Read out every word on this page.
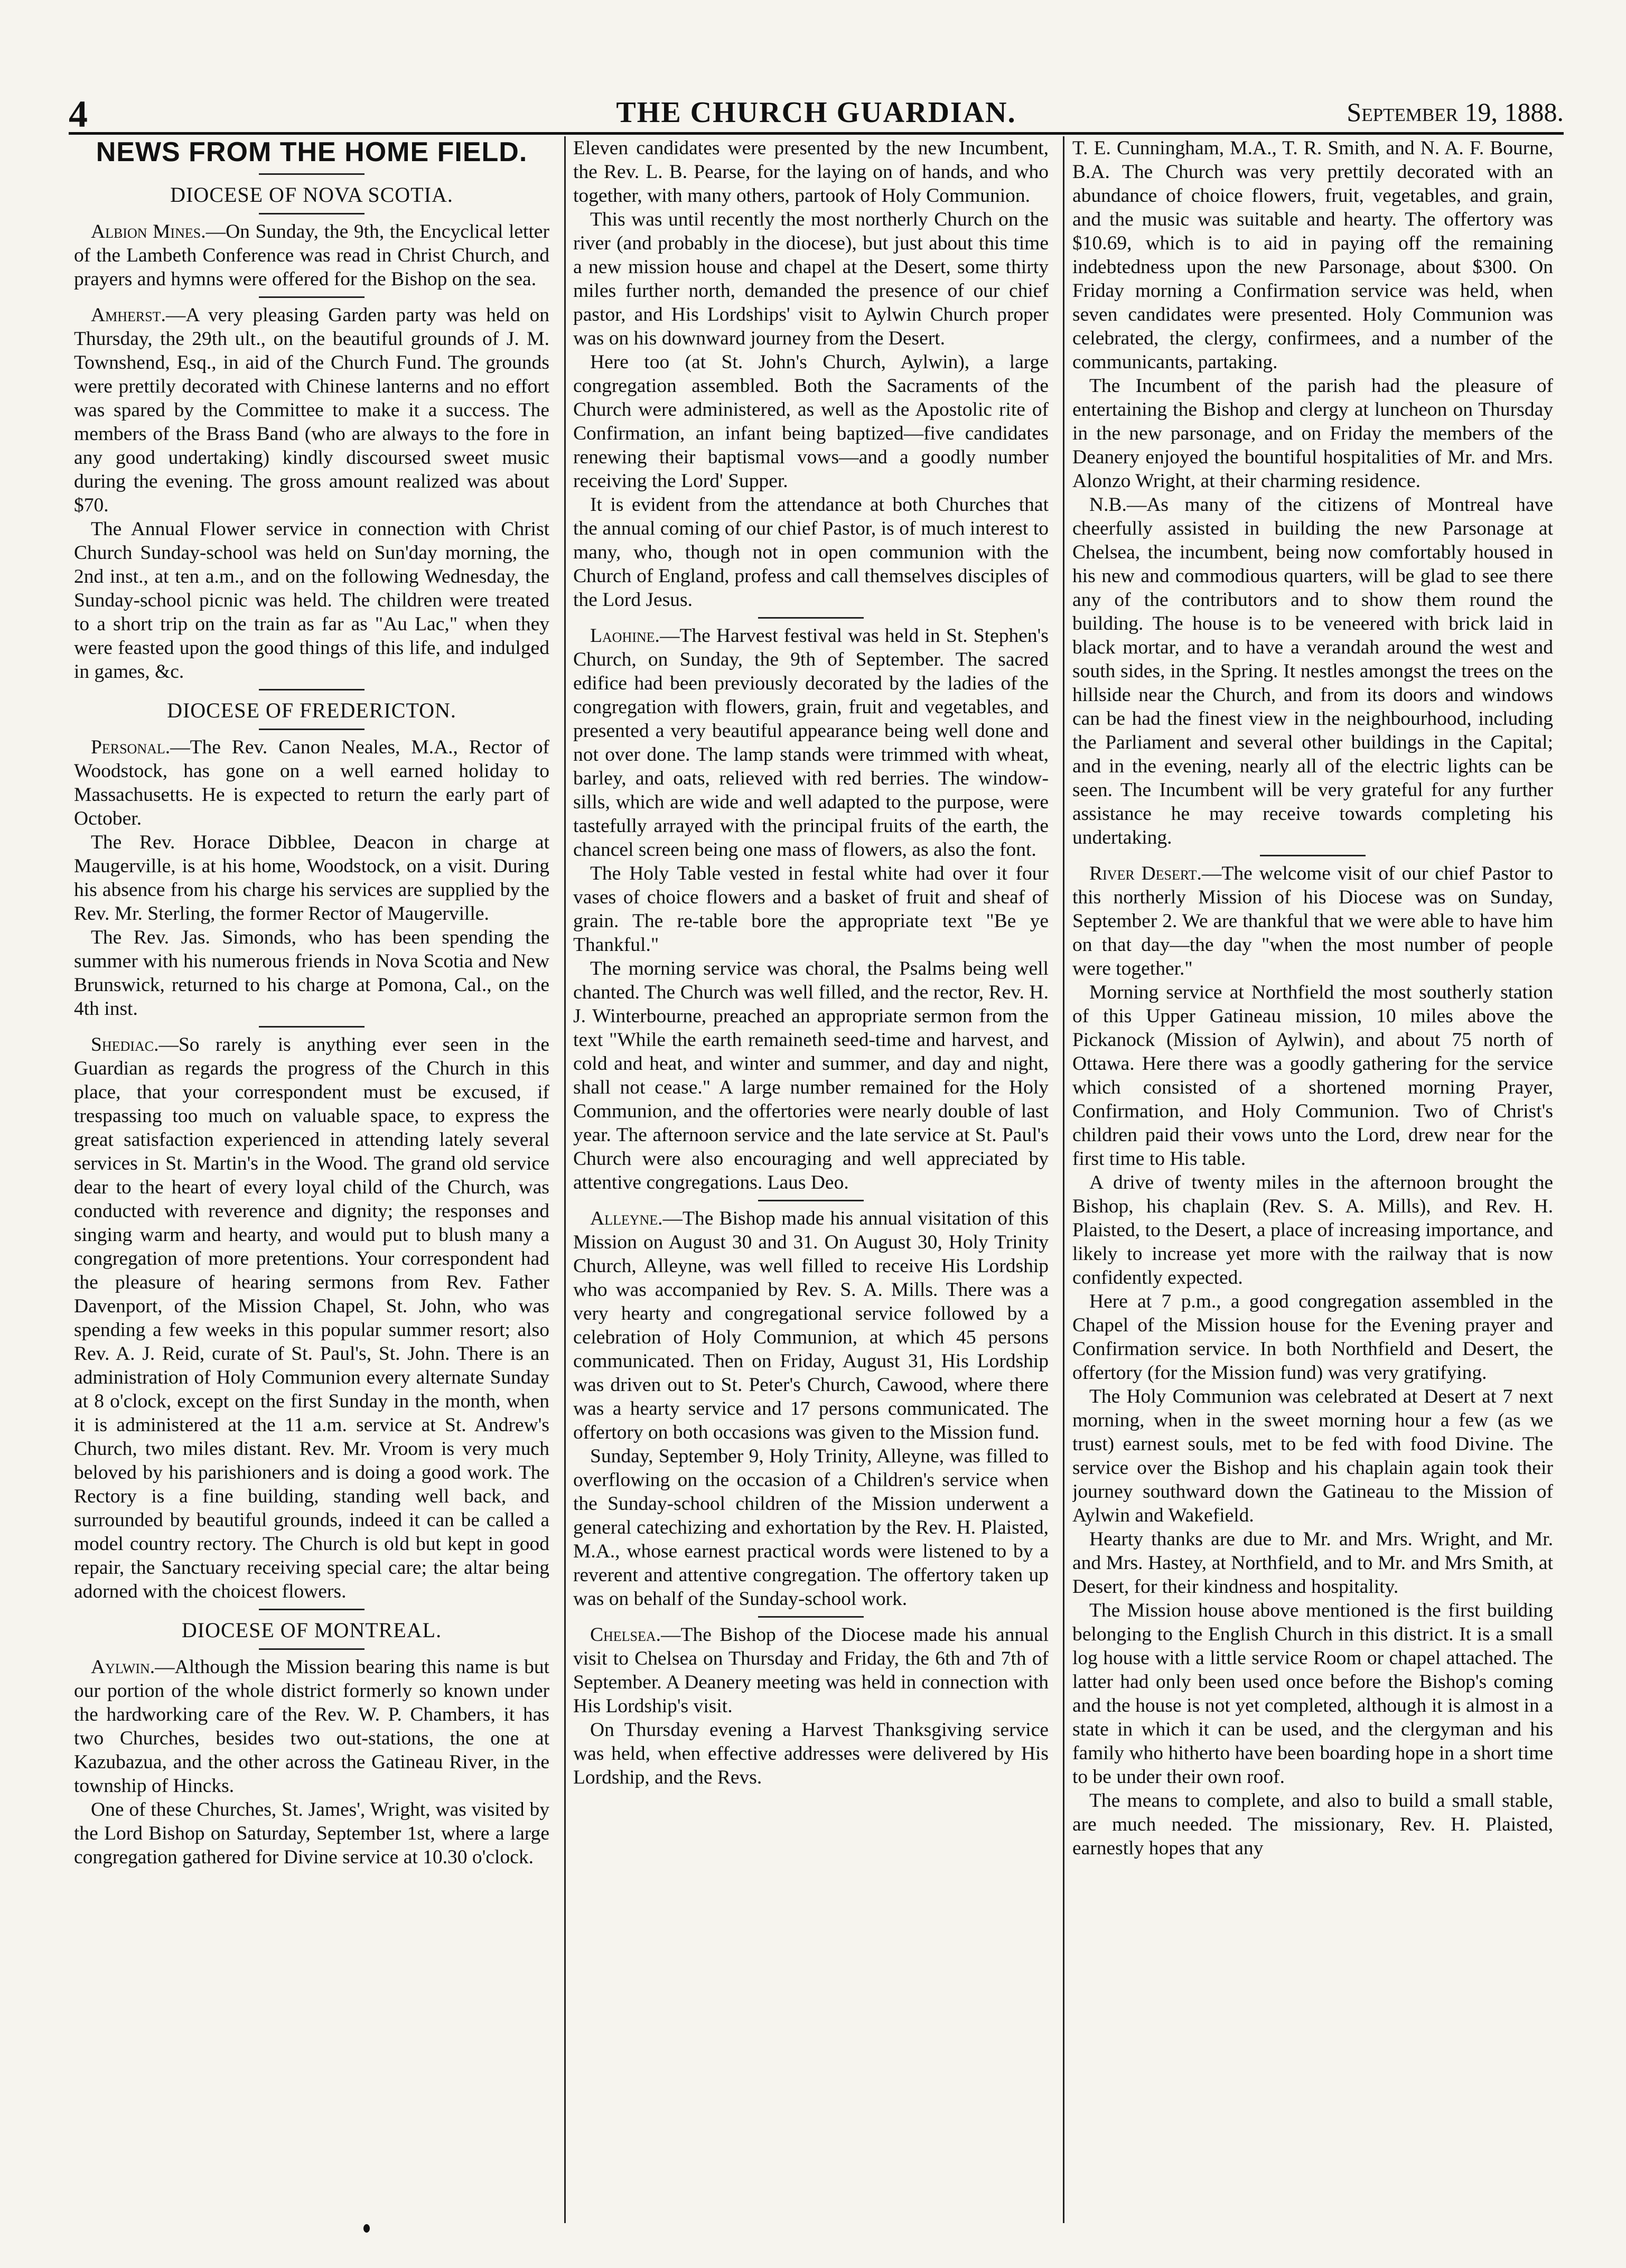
4	THE CHURCH GUARDIAN.	September 19, 1888.
NEWS FROM THE HOME FIELD.
DIOCESE OF NOVA SCOTIA.

Albion Mines.—On Sunday, the 9th, the Encyclical letter of the Lambeth Conference was read in Christ Church, and prayers and hymns were offered for the Bishop on the sea.

Amherst.—A very pleasing Garden party was held on Thursday, the 29th ult., on the beautiful grounds of J. M. Townshend, Esq., in aid of the Church Fund. The grounds were prettily decorated with Chinese lanterns and no effort was spared by the Committee to make it a success. The members of the Brass Band (who are always to the fore in any good undertaking) kindly discoursed sweet music during the evening. The gross amount realized was about $70.

The Annual Flower service in connection with Christ Church Sunday-school was held on Sun'day morning, the 2nd inst., at ten a.m., and on the following Wednesday, the Sunday-school picnic was held. The children were treated to a short trip on the train as far as "Au Lac," when they were feasted upon the good things of this life, and indulged in games, &c.

DIOCESE OF FREDERICTON.

Personal.—The Rev. Canon Neales, M.A., Rector of Woodstock, has gone on a well earned holiday to Massachusetts. He is expected to return the early part of October.

The Rev. Horace Dibblee, Deacon in charge at Maugerville, is at his home, Woodstock, on a visit. During his absence from his charge his services are supplied by the Rev. Mr. Sterling, the former Rector of Maugerville.

The Rev. Jas. Simonds, who has been spending the summer with his numerous friends in Nova Scotia and New Brunswick, returned to his charge at Pomona, Cal., on the 4th inst.

Shediac.—So rarely is anything ever seen in the Guardian as regards the progress of the Church in this place, that your correspondent must be excused, if trespassing too much on valuable space, to express the great satisfaction experienced in attending lately several services in St. Martin's in the Wood. The grand old service dear to the heart of every loyal child of the Church, was conducted with reverence and dignity; the responses and singing warm and hearty, and would put to blush many a congregation of more pretentions. Your correspondent had the pleasure of hearing sermons from Rev. Father Davenport, of the Mission Chapel, St. John, who was spending a few weeks in this popular summer resort; also Rev. A. J. Reid, curate of St. Paul's, St. John. There is an administration of Holy Communion every alternate Sunday at 8 o'clock, except on the first Sunday in the month, when it is administered at the 11 a.m. service at St. Andrew's Church, two miles distant. Rev. Mr. Vroom is very much beloved by his parishioners and is doing a good work. The Rectory is a fine building, standing well back, and surrounded by beautiful grounds, indeed it can be called a model country rectory. The Church is old but kept in good repair, the Sanctuary receiving special care; the altar being adorned with the choicest flowers.

DIOCESE OF MONTREAL.

Aylwin.—Although the Mission bearing this name is but our portion of the whole district formerly so known under the hardworking care of the Rev. W. P. Chambers, it has two Churches, besides two out-stations, the one at Kazubazua, and the other across the Gatineau River, in the township of Hincks.

One of these Churches, St. James', Wright, was visited by the Lord Bishop on Saturday, September 1st, where a large congregation gathered for Divine service at 10.30 o'clock.

Eleven candidates were presented by the new Incumbent, the Rev. L. B. Pearse, for the laying on of hands, and who together, with many others, partook of Holy Communion.

This was until recently the most northerly Church on the river (and probably in the diocese), but just about this time a new mission house and chapel at the Desert, some thirty miles further north, demanded the presence of our chief pastor, and His Lordships' visit to Aylwin Church proper was on his downward journey from the Desert.

Here too (at St. John's Church, Aylwin), a large congregation assembled. Both the Sacraments of the Church were administered, as well as the Apostolic rite of Confirmation, an infant being baptized—five candidates renewing their baptismal vows—and a goodly number receiving the Lord' Supper.

It is evident from the attendance at both Churches that the annual coming of our chief Pastor, is of much interest to many, who, though not in open communion with the Church of England, profess and call themselves disciples of the Lord Jesus.

Laohine.—The Harvest festival was held in St. Stephen's Church, on Sunday, the 9th of September. The sacred edifice had been previously decorated by the ladies of the congregation with flowers, grain, fruit and vegetables, and presented a very beautiful appearance being well done and not over done. The lamp stands were trimmed with wheat, barley, and oats, relieved with red berries. The window-sills, which are wide and well adapted to the purpose, were tastefully arrayed with the principal fruits of the earth, the chancel screen being one mass of flowers, as also the font.

The Holy Table vested in festal white had over it four vases of choice flowers and a basket of fruit and sheaf of grain. The re-table bore the appropriate text "Be ye Thankful."

The morning service was choral, the Psalms being well chanted. The Church was well filled, and the rector, Rev. H. J. Winterbourne, preached an appropriate sermon from the text "While the earth remaineth seed-time and harvest, and cold and heat, and winter and summer, and day and night, shall not cease." A large number remained for the Holy Communion, and the offertories were nearly double of last year. The afternoon service and the late service at St. Paul's Church were also encouraging and well appreciated by attentive congregations. Laus Deo.

Alleyne.—The Bishop made his annual visitation of this Mission on August 30 and 31. On August 30, Holy Trinity Church, Alleyne, was well filled to receive His Lordship who was accompanied by Rev. S. A. Mills. There was a very hearty and congregational service followed by a celebration of Holy Communion, at which 45 persons communicated. Then on Friday, August 31, His Lordship was driven out to St. Peter's Church, Cawood, where there was a hearty service and 17 persons communicated. The offertory on both occasions was given to the Mission fund.

Sunday, September 9, Holy Trinity, Alleyne, was filled to overflowing on the occasion of a Children's service when the Sunday-school children of the Mission underwent a general catechizing and exhortation by the Rev. H. Plaisted, M.A., whose earnest practical words were listened to by a reverent and attentive congregation. The offertory taken up was on behalf of the Sunday-school work.

Chelsea.—The Bishop of the Diocese made his annual visit to Chelsea on Thursday and Friday, the 6th and 7th of September. A Deanery meeting was held in connection with His Lordship's visit.

On Thursday evening a Harvest Thanksgiving service was held, when effective addresses were delivered by His Lordship, and the Revs.

T. E. Cunningham, M.A., T. R. Smith, and N. A. F. Bourne, B.A. The Church was very prettily decorated with an abundance of choice flowers, fruit, vegetables, and grain, and the music was suitable and hearty. The offertory was $10.69, which is to aid in paying off the remaining indebtedness upon the new Parsonage, about $300. On Friday morning a Confirmation service was held, when seven candidates were presented. Holy Communion was celebrated, the clergy, confirmees, and a number of the communicants, partaking.

The Incumbent of the parish had the pleasure of entertaining the Bishop and clergy at luncheon on Thursday in the new parsonage, and on Friday the members of the Deanery enjoyed the bountiful hospitalities of Mr. and Mrs. Alonzo Wright, at their charming residence.

N.B.—As many of the citizens of Montreal have cheerfully assisted in building the new Parsonage at Chelsea, the incumbent, being now comfortably housed in his new and commodious quarters, will be glad to see there any of the contributors and to show them round the building. The house is to be veneered with brick laid in black mortar, and to have a verandah around the west and south sides, in the Spring. It nestles amongst the trees on the hillside near the Church, and from its doors and windows can be had the finest view in the neighbourhood, including the Parliament and several other buildings in the Capital; and in the evening, nearly all of the electric lights can be seen. The Incumbent will be very grateful for any further assistance he may receive towards completing his undertaking.

River Desert.—The welcome visit of our chief Pastor to this northerly Mission of his Diocese was on Sunday, September 2. We are thankful that we were able to have him on that day—the day "when the most number of people were together."

Morning service at Northfield the most southerly station of this Upper Gatineau mission, 10 miles above the Pickanock (Mission of Aylwin), and about 75 north of Ottawa. Here there was a goodly gathering for the service which consisted of a shortened morning Prayer, Confirmation, and Holy Communion. Two of Christ's children paid their vows unto the Lord, drew near for the first time to His table.

A drive of twenty miles in the afternoon brought the Bishop, his chaplain (Rev. S. A. Mills), and Rev. H. Plaisted, to the Desert, a place of increasing importance, and likely to increase yet more with the railway that is now confidently expected.

Here at 7 p.m., a good congregation assembled in the Chapel of the Mission house for the Evening prayer and Confirmation service. In both Northfield and Desert, the offertory (for the Mission fund) was very gratifying.

The Holy Communion was celebrated at Desert at 7 next morning, when in the sweet morning hour a few (as we trust) earnest souls, met to be fed with food Divine. The service over the Bishop and his chaplain again took their journey southward down the Gatineau to the Mission of Aylwin and Wakefield.

Hearty thanks are due to Mr. and Mrs. Wright, and Mr. and Mrs. Hastey, at Northfield, and to Mr. and Mrs Smith, at Desert, for their kindness and hospitality.

The Mission house above mentioned is the first building belonging to the English Church in this district. It is a small log house with a little service Room or chapel attached. The latter had only been used once before the Bishop's coming and the house is not yet completed, although it is almost in a state in which it can be used, and the clergyman and his family who hitherto have been boarding hope in a short time to be under their own roof.

The means to complete, and also to build a small stable, are much needed. The missionary, Rev. H. Plaisted, earnestly hopes that any
